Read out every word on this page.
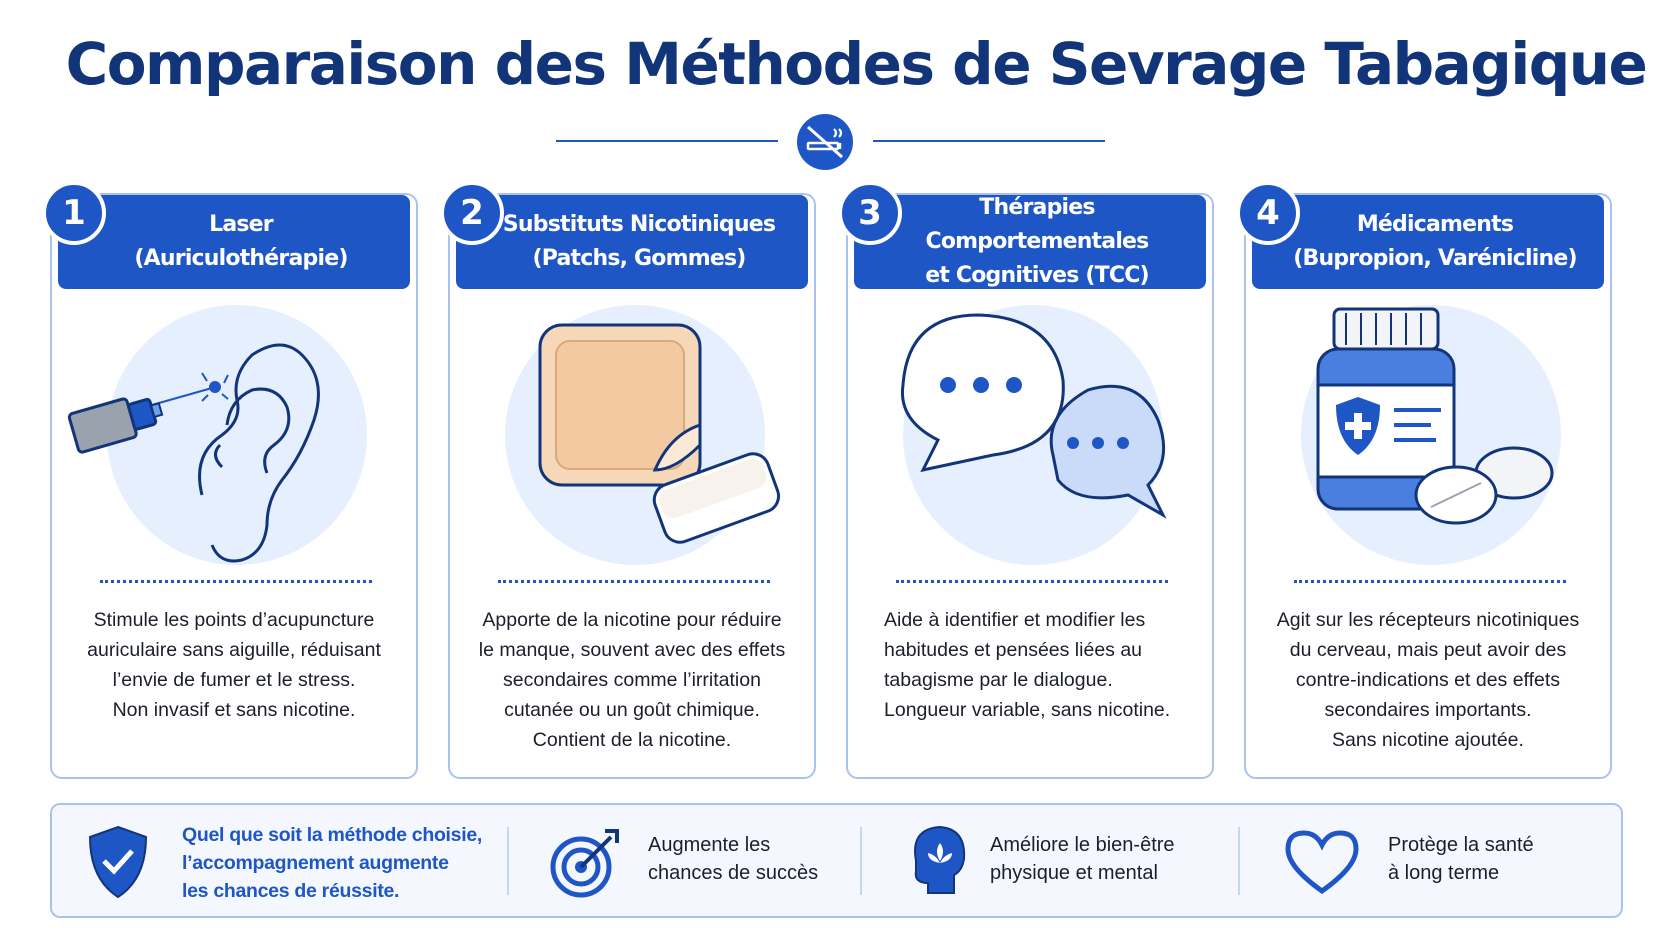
Comparaison des Méthodes de Sevrage Tabagique
1	Laser
(Auriculothérapie)
Stimule les points d’acupuncture
auriculaire sans aiguille, réduisant
l’envie de fumer et le stress.
Non invasif et sans nicotine.
2 Substituts Nicotiniques
(Patchs, Gommes)
Apporte de la nicotine pour réduire
le manque, souvent avec des effets
secondaires comme l’irritation
cutanée ou un goût chimique.
Contient de la nicotine.
3	Thérapies Comportementales
et Cognitives (TCC)
Aide à identifier et modifier les
habitudes et pensées liées au
tabagisme par le dialogue.
Longueur variable, sans nicotine.
4	Médicaments
(Bupropion, Varénicline)
Agit sur les récepteurs nicotiniques
du cerveau, mais peut avoir des
contre-indications et des effets
secondaires importants.
Sans nicotine ajoutée.
Quel que soit la méthode choisie,
l’accompagnement augmente
les chances de réussite.
Augmente les
chances de succès
Améliore le bien-être
physique et mental
Protège la santé
à long terme
